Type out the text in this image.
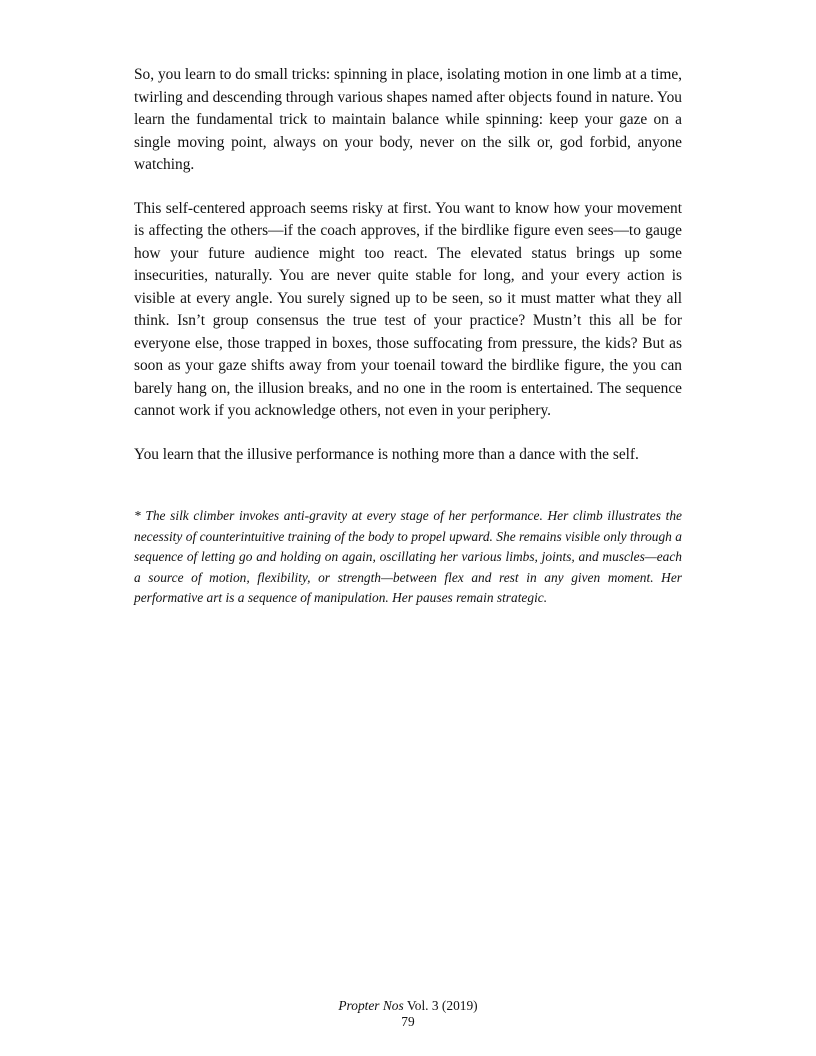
So, you learn to do small tricks: spinning in place, isolating motion in one limb at a time, twirling and descending through various shapes named after objects found in nature. You learn the fundamental trick to maintain balance while spinning: keep your gaze on a single moving point, always on your body, never on the silk or, god forbid, anyone watching.

This self-centered approach seems risky at first. You want to know how your movement is affecting the others—if the coach approves, if the birdlike figure even sees—to gauge how your future audience might too react. The elevated status brings up some insecurities, naturally. You are never quite stable for long, and your every action is visible at every angle. You surely signed up to be seen, so it must matter what they all think. Isn’t group consensus the true test of your practice? Mustn’t this all be for everyone else, those trapped in boxes, those suffocating from pressure, the kids? But as soon as your gaze shifts away from your toenail toward the birdlike figure, the you can barely hang on, the illusion breaks, and no one in the room is entertained. The sequence cannot work if you acknowledge others, not even in your periphery.

You learn that the illusive performance is nothing more than a dance with the self.

* The silk climber invokes anti-gravity at every stage of her performance. Her climb illustrates the necessity of counterintuitive training of the body to propel upward. She remains visible only through a sequence of letting go and holding on again, oscillating her various limbs, joints, and muscles—each a source of motion, flexibility, or strength—between flex and rest in any given moment. Her performative art is a sequence of manipulation. Her pauses remain strategic.

Propter Nos Vol. 3 (2019)
79
